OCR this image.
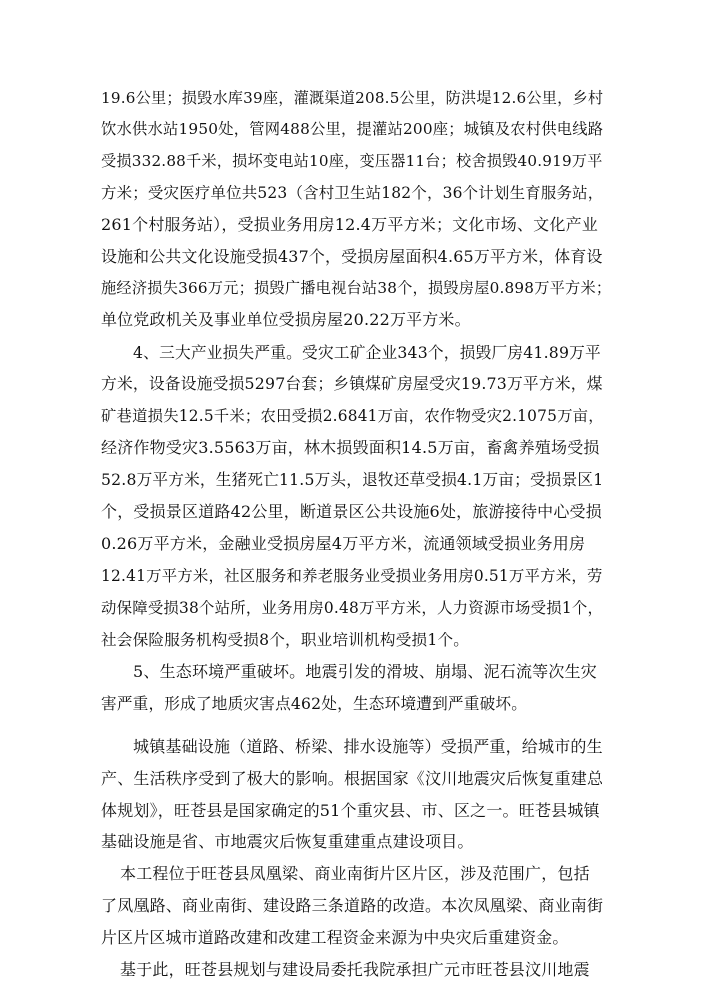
19.6公里；损毁水库39座，灌溉渠道208.5公里，防洪堤12.6公里，乡村
饮水供水站1950处，管网488公里，提灌站200座；城镇及农村供电线路
受损332.88千米，损坏变电站10座，变压器11台；校舍损毁40.919万平
方米；受灾医疗单位共523（含村卫生站182个，36个计划生育服务站，
261个村服务站），受损业务用房12.4万平方米；文化市场、文化产业
设施和公共文化设施受损437个，受损房屋面积4.65万平方米，体育设
施经济损失366万元；损毁广播电视台站38个，损毁房屋0.898万平方米；
单位党政机关及事业单位受损房屋20.22万平方米。
4、三大产业损失严重。受灾工矿企业343个，损毁厂房41.89万平
方米，设备设施受损5297台套；乡镇煤矿房屋受灾19.73万平方米，煤
矿巷道损失12.5千米；农田受损2.6841万亩，农作物受灾2.1075万亩，
经济作物受灾3.5563万亩，林木损毁面积14.5万亩，畜禽养殖场受损
52.8万平方米，生猪死亡11.5万头，退牧还草受损4.1万亩；受损景区1
个，受损景区道路42公里，断道景区公共设施6处，旅游接待中心受损
0.26万平方米，金融业受损房屋4万平方米，流通领域受损业务用房
12.41万平方米，社区服务和养老服务业受损业务用房0.51万平方米，劳
动保障受损38个站所，业务用房0.48万平方米，人力资源市场受损1个，
社会保险服务机构受损8个，职业培训机构受损1个。
5、生态环境严重破坏。地震引发的滑坡、崩塌、泥石流等次生灾
害严重，形成了地质灾害点462处，生态环境遭到严重破坏。
城镇基础设施（道路、桥梁、排水设施等）受损严重，给城市的生
产、生活秩序受到了极大的影响。根据国家《汶川地震灾后恢复重建总
体规划》，旺苍县是国家确定的51个重灾县、市、区之一。旺苍县城镇
基础设施是省、市地震灾后恢复重建重点建设项目。
本工程位于旺苍县凤凰梁、商业南街片区片区，涉及范围广，包括
了凤凰路、商业南街、建设路三条道路的改造。本次凤凰梁、商业南街
片区片区城市道路改建和改建工程资金来源为中央灾后重建资金。
基于此，旺苍县规划与建设局委托我院承担广元市旺苍县汶川地震
